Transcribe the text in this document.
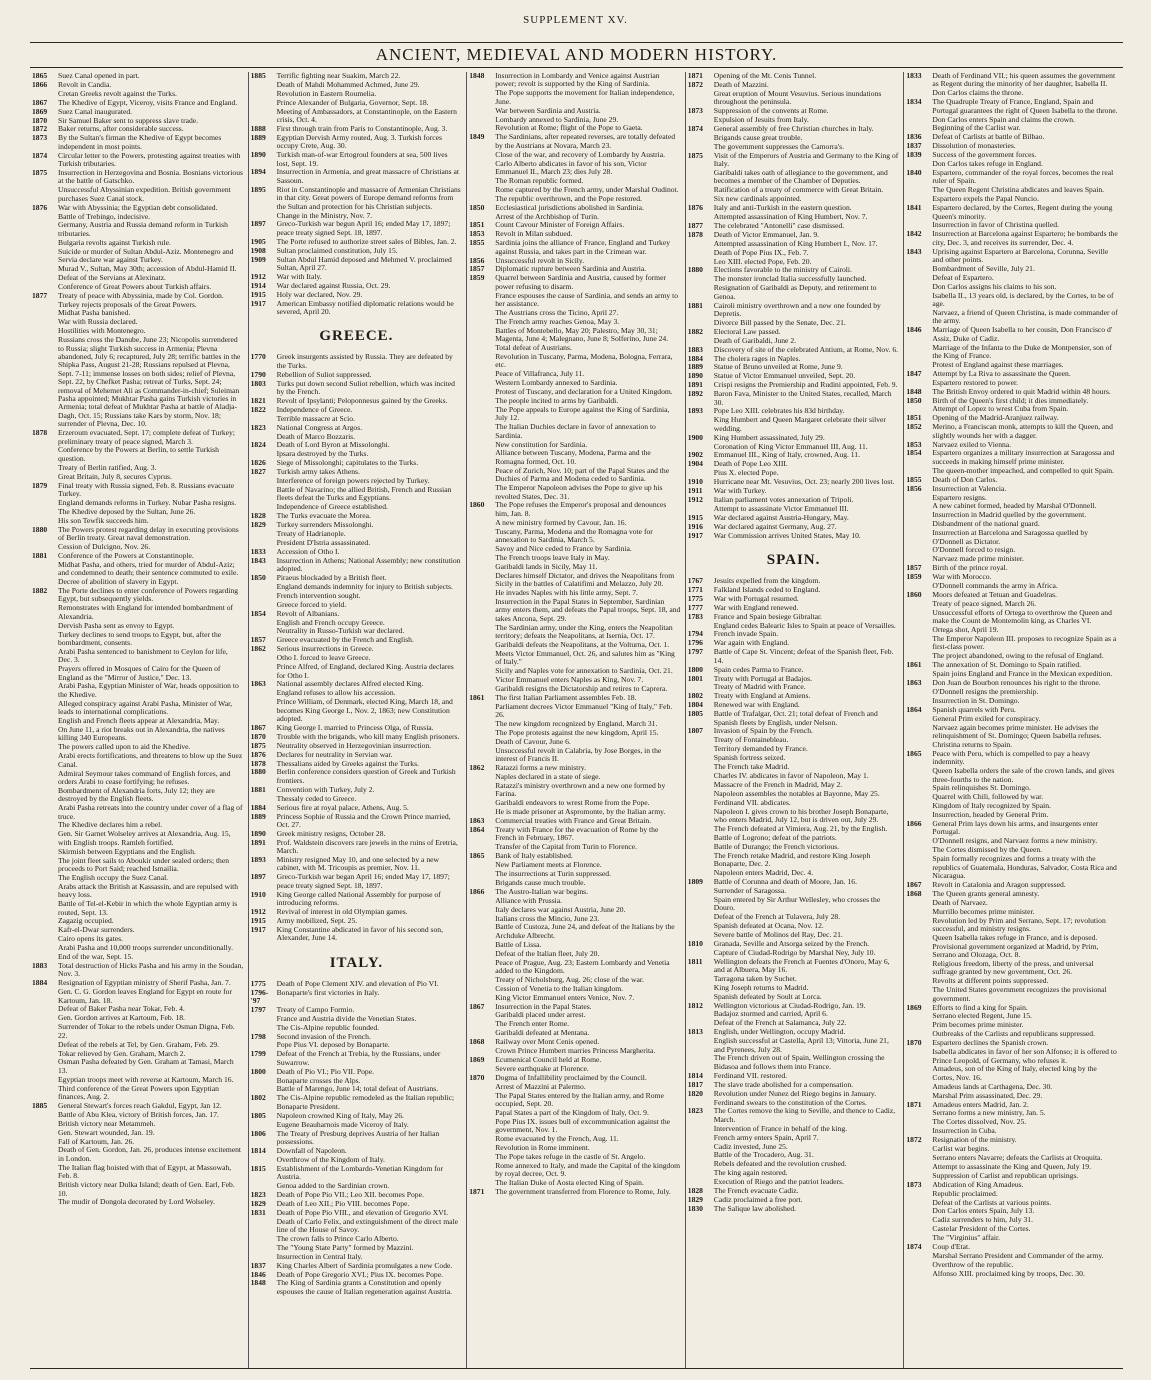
SUPPLEMENT XV.
ANCIENT, MEDIEVAL AND MODERN HISTORY.
1865	Suez Canal opened in part.
1866	Revolt in Candia.
Cretan Greeks revolt against the Turks.
1867	The Khedive of Egypt, Viceroy, visits France and England.
1869	Suez Canal inaugurated.
1870	Sir Samuel Baker sent to suppress slave trade.
1872	Baker returns, after considerable success.
1873	By the Sultan's firman the Khedive of Egypt becomes independent in most points.
1874	Circular letter to the Powers, protesting against treaties with Turkish tributaries.
1875	Insurrection in Herzegovina and Bosnia. Bosnians victorious at the battle of Gatschko.
Unsuccessful Abyssinian expedition. British government purchases Suez Canal stock.
1876	War with Abyssinia; the Egyptian debt consolidated.
Battle of Trebingo, indecisive.
Germany, Austria and Russia demand reform in Turkish tributaries.
Bulgaria revolts against Turkish rule.
Suicide or murder of Sultan Abdul-Aziz. Montenegro and Servia declare war against Turkey.
Murad V., Sultan, May 30th; accession of Abdul-Hamid II.
Defeat of the Servians at Alexinatz.
Conference of Great Powers about Turkish affairs.
1877	Treaty of peace with Abyssinia, made by Col. Gordon.
Turkey rejects proposals of the Great Powers.
Midhat Pasha banished.
War with Russia declared.
Hostilities with Montenegro.
Russians cross the Danube, June 23; Nicopolis surrendered to Russia; slight Turkish success in Armenia; Plevna abandoned, July 6; recaptured, July 28; terrific battles in the Shipka Pass, August 21-28; Russians repulsed at Plevna, Sept. 7-11; immense losses on both sides; relief of Plevna, Sept. 22, by Chefket Pasha; retreat of Turks, Sept. 24; removal of Mehemet Ali as Commander-in-chief; Suleiman Pasha appointed; Mukhtar Pasha gains Turkish victories in Armenia; total defeat of Mukhtar Pasha at battle of Aladja-Dagh, Oct. 15; Russians take Kars by storm, Nov. 18; surrender of Plevna, Dec. 10.
1878	Erzeroum evacuated, Sept. 17; complete defeat of Turkey; preliminary treaty of peace signed, March 3.
Conference by the Powers at Berlin, to settle Turkish question.
Treaty of Berlin ratified, Aug. 3.
Great Britain, July 8, secures Cyprus.
1879	Final treaty with Russia signed, Feb. 8. Russians evacuate Turkey.
England demands reforms in Turkey. Nubar Pasha resigns.
The Khedive deposed by the Sultan, June 26.
His son Tewfik succeeds him.
1880	The Powers protest regarding delay in executing provisions of Berlin treaty. Great naval demonstration.
Cession of Dulcigno, Nov. 26.
1881	Conference of the Powers at Constantinople.
Midhat Pasha, and others, tried for murder of Abdul-Aziz; and condemned to death; their sentence commuted to exile.
Decree of abolition of slavery in Egypt.
1882	The Porte declines to enter conference of Powers regarding Egypt, but subsequently yields.
Remonstrates with England for intended bombardment of Alexandria.
Dervish Pasha sent as envoy to Egypt.
Turkey declines to send troops to Egypt, but, after the bombardment, consents.
Arabi Pasha sentenced to banishment to Ceylon for life, Dec. 3.
Prayers offered in Mosques of Cairo for the Queen of England as the "Mirror of Justice," Dec. 13.
Arabi Pasha, Egyptian Minister of War, heads opposition to the Khedive.
Alleged conspiracy against Arabi Pasha, Minister of War, leads to international complications.
English and French fleets appear at Alexandria, May.
On June 11, a riot breaks out in Alexandria, the natives killing 340 Europeans.
The powers called upon to aid the Khedive.
Arabi erects fortifications, and threatens to blow up the Suez Canal.
Admiral Seymour takes command of English forces, and orders Arabi to cease fortifying; he refuses.
Bombardment of Alexandria forts, July 12; they are destroyed by the English fleets.
Arabi Pasha retreats into the country under cover of a flag of truce.
The Khedive declares him a rebel.
Gen. Sir Garnet Wolseley arrives at Alexandria, Aug. 15, with English troops. Ramleh fortified.
Skirmish between Egyptians and the English.
The joint fleet sails to Aboukir under sealed orders; then proceeds to Port Said; reached Ismailia.
The English occupy the Suez Canal.
Arabs attack the British at Kassassin, and are repulsed with heavy loss.
Battle of Tel-el-Kebir in which the whole Egyptian army is routed, Sept. 13.
Zagazig occupied.
Kafr-el-Dwar surrenders.
Cairo opens its gates.
Arabi Pasha and 10,000 troops surrender unconditionally.
End of the war, Sept. 15.
1883	Total destruction of Hicks Pasha and his army in the Soudan, Nov. 3.
1884	Resignation of Egyptian ministry of Sherif Pasha, Jan. 7.
Gen. C. G. Gordon leaves England for Egypt en route for Kartoum, Jan. 18.
Defeat of Baker Pasha near Tokar, Feb. 4.
Gen. Gordon arrives at Kartoum, Feb. 18.
Surrender of Tokar to the rebels under Osman Digna, Feb. 22.
Defeat of the rebels at Tel, by Gen. Graham, Feb. 29.
Tokar relieved by Gen. Graham, March 2.
Osman Pasha defeated by Gen. Graham at Tamasi, March 13.
Egyptian troops meet with reverse at Kartoum, March 16.
Third conference of the Great Powers upon Egyptian finances, Aug. 2.
1885	General Stewart's forces reach Gakdul, Egypt, Jan 12.
Battle of Abu Klea, victory of British forces, Jan. 17.
British victory near Metammeh.
Gen. Stewart wounded, Jan. 19.
Fall of Kartoum, Jan. 26.
Death of Gen. Gordon, Jan. 26, produces intense excitement in London.
The Italian flag hoisted with that of Egypt, at Massowah, Feb. 8.
British victory near Dulka Island; death of Gen. Earl, Feb. 10.
The mudir of Dongola decorated by Lord Wolseley.
1885	Terrific fighting near Suakim, March 22.
Death of Mahdi Mohammed Achmed, June 29.
Revolution in Eastern Roumelia.
Prince Alexander of Bulgaria, Governor, Sept. 18.
Meeting of Ambassadors, at Constantinople, on the Eastern crisis, Oct. 4.
1888	First through train from Paris to Constantinople, Aug. 3.
1889	Egyptian Dervish Army routed, Aug. 3. Turkish forces occupy Crete, Aug. 30.
1890	Turkish man-of-war Ertogroul founders at sea, 500 lives lost, Sept. 19.
1894	Insurrection in Armenia, and great massacre of Christians at Sassoun.
1895	Riot in Constantinople and massacre of Armenian Christians in that city. Great powers of Europe demand reforms from the Sultan and protection for his Christian subjects.
Change in the Ministry, Nov. 7.
1897	Greco-Turkish war begun April 16; ended May 17, 1897; peace treaty signed Sept. 18, 1897.
1905	The Porte refused to authorize street sales of Bibles, Jan. 2.
1908	Sultan proclaimed constitution, July 15.
1909	Sultan Abdul Hamid deposed and Mehmed V. proclaimed Sultan, April 27.
1912	War with Italy.
1914	War declared against Russia, Oct. 29.
1915	Holy war declared, Nov. 29.
1917	American Embassy notified diplomatic relations would be severed, April 20.
GREECE.
1770	Greek insurgents assisted by Russia. They are defeated by the Turks.
1790	Rebellion of Suliot suppressed.
1803	Turks put down second Suliot rebellion, which was incited by the French.
1821	Revolt of Ipsylanti; Peloponnesus gained by the Greeks.
1822	Independence of Greece.
Terrible massacre at Scio.
1823	National Congress at Argos.
Death of Marco Bozzaris.
1824	Death of Lord Byron at Missolonghi.
Ipsara destroyed by the Turks.
1826	Siege of Missolonghi; capitulates to the Turks.
1827	Turkish army takes Athens.
Interference of foreign powers rejected by Turkey.
Battle of Navarino; the allied British, French and Russian fleets defeat the Turks and Egyptians.
Independence of Greece established.
1828	The Turks evacuate the Morea.
1829	Turkey surrenders Missolonghi.
Treaty of Hadrianople.
President D'Istria assassinated.
1833	Accession of Otho I.
1843	Insurrection in Athens; National Assembly; new constitution adopted.
1850	Piraeus blockaded by a British fleet.
England demands indemnity for injury to British subjects.
French intervention sought.
Greece forced to yield.
1854	Revolt of Albanians.
English and French occupy Greece.
Neutrality in Russo-Turkish war declared.
1857	Greece evacuated by the French and English.
1862	Serious insurrections in Greece.
Otho I. forced to leave Greece.
Prince Alfred, of England, declared King. Austria declares for Otho I.
1863	National assembly declares Alfred elected King.
England refuses to allow his accession.
Prince William, of Denmark, elected King, March 18, and becomes King George I., Nov. 2, 1863; new Constitution adopted.
1867	King George I. married to Princess Olga, of Russia.
1870	Trouble with the brigands, who kill many English prisoners.
1875	Neutrality observed in Herzegovinian insurrection.
1876	Declares for neutrality in Servian war.
1878	Thessalians aided by Greeks against the Turks.
1880	Berlin conference considers question of Greek and Turkish frontiers.
1881	Convention with Turkey, July 2.
Thessaly ceded to Greece.
1884	Serious fire at royal palace, Athens, Aug. 5.
1889	Princess Sophie of Russia and the Crown Prince married, Oct. 27.
1890	Greek ministry resigns, October 28.
1891	Prof. Waldstein discovers rare jewels in the ruins of Eretria, March.
1893	Ministry resigned May 10, and one selected by a new cabinet, with M. Tricoupis as premier, Nov. 11.
1897	Greco-Turkish war began April 16; ended May 17, 1897; peace treaty signed Sept. 18, 1897.
1910	King George called National Assembly for purpose of introducing reforms.
1912	Revival of interest in old Olympian games.
1915	Army mobilized, Sept. 25.
1917	King Constantine abdicated in favor of his second son, Alexander, June 14.
ITALY.
1775	Death of Pope Clement XIV. and elevation of Pio VI.
1796-'97
Bonaparte's first victories in Italy.
1797	Treaty of Campo Formio.
France and Austria divide the Venetian States.
The Cis-Alpine republic founded.
1798	Second invasion of the French.
Pope Pius VI. deposed by Bonaparte.
1799	Defeat of the French at Trebia, by the Russians, under Suwarrow.
1800	Death of Pio VI.; Pio VII. Pope.
Bonaparte crosses the Alps.
Battle of Marengo, June 14; total defeat of Austrians.
1802	The Cis-Alpine republic remodeled as the Italian republic; Bonaparte President.
1805	Napoleon crowned King of Italy, May 26.
Eugene Beauharnois made Viceroy of Italy.
1806	The Treaty of Presburg deprives Austria of her Italian possessions.
1814	Downfall of Napoleon.
Overthrow of the Kingdom of Italy.
1815	Establishment of the Lombardo-Venetian Kingdom for Austria.
Genoa added to the Sardinian crown.
1823	Death of Pope Pio VII.; Leo XII. becomes Pope.
1829	Death of Leo XII.; Pio VIII. becomes Pope.
1831	Death of Pope Pio VIII., and elevation of Gregorio XVI.
Death of Carlo Felix, and extinguishment of the direct male line of the House of Savoy.
The crown falls to Prince Carlo Alberto.
The "Young State Party" formed by Mazzini.
Insurrection in Central Italy.
1837	King Charles Albert of Sardinia promulgates a new Code.
1846	Death of Pope Gregorio XVI.; Pius IX. becomes Pope.
1848	The King of Sardinia grants a Constitution and openly espouses the cause of Italian regeneration against Austria.
1848	Insurrection in Lombardy and Venice against Austrian power; revolt is supported by the King of Sardinia.
The Pope supports the movement for Italian independence, June.
War between Sardinia and Austria.
Lombardy annexed to Sardinia, June 29.
Revolution at Rome; flight of the Pope to Gaeta.
1849	The Sardinians, after repeated reverses, are totally defeated by the Austrians at Novara, March 23.
Close of the war, and recovery of Lombardy by Austria.
Carlo Alberto abdicates in favor of his son, Victor Emmanuel II., March 23; dies July 28.
The Roman republic formed.
Rome captured by the French army, under Marshal Oudinot.
The republic overthrown, and the Pope restored.
1850	Ecclesiastical jurisdictions abolished in Sardinia.
Arrest of the Archbishop of Turin.
1851	Count Cavour Minister of Foreign Affairs.
1853	Revolt in Milan subdued.
1855	Sardinia joins the alliance of France, England and Turkey against Russia, and takes part in the Crimean war.
1856	Unsuccessful revolt in Sicily.
1857	Diplomatic rupture between Sardinia and Austria.
1859	Quarrel between Sardinia and Austria, caused by former power refusing to disarm.
France espouses the cause of Sardinia, and sends an army to her assistance.
The Austrians cross the Ticino, April 27.
The French army reaches Genoa, May 3.
Battles of Montebello, May 20; Palestro, May 30, 31; Magenta, June 4; Malegnano, June 8; Solferino, June 24.
Total defeat of Austrians.
Revolution in Tuscany, Parma, Modena, Bologna, Ferrara, etc.
Peace of Villafranca, July 11.
Western Lombardy annexed to Sardinia.
Protest of Tuscany, and declaration for a United Kingdom.
The people incited to arms by Garibaldi.
The Pope appeals to Europe against the King of Sardinia, July 12.
The Italian Duchies declare in favor of annexation to Sardinia.
New constitution for Sardinia.
Alliance between Tuscany, Modena, Parma and the Romagna formed, Oct. 10.
Peace of Zurich, Nov. 10; part of the Papal States and the Duchies of Parma and Modena ceded to Sardinia.
The Emperor Napoleon advises the Pope to give up his revolted States, Dec. 31.
1860	The Pope refuses the Emperor's proposal and denounces him, Jan. 8.
A new ministry formed by Cavour, Jan. 16.
Tuscany, Parma, Modena and the Romagna vote for annexation to Sardinia, March 5.
Savoy and Nice ceded to France by Sardinia.
The French troops leave Italy in May.
Garibaldi lands in Sicily, May 11.
Declares himself Dictator, and drives the Neapolitans from Sicily in the battles of Calatifimi and Melazzo, July 20.
He invades Naples with his little army, Sept. 7.
Insurrection in the Papal States in September, Sardinian army enters them, and defeats the Papal troops, Sept. 18, and takes Ancona, Sept. 29.
The Sardinian army, under the King, enters the Neapolitan territory; defeats the Neapolitans, at Isernia, Oct. 17.
Garibaldi defeats the Neapolitans, at the Volturna, Oct. 1.
Meets Victor Emmanuel, Oct. 26, and salutes him as "King of Italy."
Sicily and Naples vote for annexation to Sardinia, Oct. 21.
Victor Emmanuel enters Naples as King, Nov. 7.
Garibaldi resigns the Dictatorship and retires to Caprera.
1861	The first Italian Parliament assembles Feb. 18.
Parliament decrees Victor Emmanuel "King of Italy," Feb. 26.
The new kingdom recognized by England, March 31.
The Pope protests against the new kingdom, April 15.
Death of Cavour, June 6.
Unsuccessful revolt in Calabria, by Jose Borges, in the interest of Francis II.
1862	Ratazzi forms a new ministry.
Naples declared in a state of siege.
Ratazzi's ministry overthrown and a new one formed by Farina.
Garibaldi endeavors to wrest Rome from the Pope.
He is made prisoner at Aspromonte, by the Italian army.
1863	Commercial treaties with France and Great Britain.
1864	Treaty with France for the evacuation of Rome by the French in February, 1867.
Transfer of the Capital from Turin to Florence.
1865	Bank of Italy established.
New Parliament meets at Florence.
The insurrections at Turin suppressed.
Brigands cause much trouble.
1866	The Austro-Italian war begins.
Alliance with Prussia.
Italy declares war against Austria, June 20.
Italians cross the Mincio, June 23.
Battle of Custoza, June 24, and defeat of the Italians by the Archduke Albrecht.
Battle of Lissa.
Defeat of the Italian fleet, July 20.
Peace of Prague, Aug. 23; Eastern Lombardy and Venetia added to the Kingdom.
Treaty of Nicholsburg, Aug. 26; close of the war.
Cession of Venetia to the Italian kingdom.
King Victor Emmanuel enters Venice, Nov. 7.
1867	Insurrection in the Papal States.
Garibaldi placed under arrest.
The French enter Rome.
Garibaldi defeated at Mentana.
1868	Railway over Mont Cenis opened.
Crown Prince Humbert marries Princess Margherita.
1869	Ecumenical Council held at Rome.
Severe earthquake at Florence.
1870	Dogma of Infallibility proclaimed by the Council.
Arrest of Mazzini at Palermo.
The Papal States entered by the Italian army, and Rome occupied, Sept. 20.
Papal States a part of the Kingdom of Italy, Oct. 9.
Pope Pius IX. issues bull of excommunication against the government, Nov. 1.
Rome evacuated by the French, Aug. 11.
Revolution in Rome imminent.
The Pope takes refuge in the castle of St. Angelo.
Rome annexed to Italy, and made the Capital of the kingdom by royal decree, Oct. 9.
The Italian Duke of Aosta elected King of Spain.
1871	The government transferred from Florence to Rome, July.
1871	Opening of the Mt. Cenis Tunnel.
1872	Death of Mazzini.
Great eruption of Mount Vesuvius. Serious inundations throughout the peninsula.
1873	Suppression of the convents at Rome.
Expulsion of Jesuits from Italy.
1874	General assembly of free Christian churches in Italy.
Brigands cause great trouble.
The government suppresses the Camorra's.
1875	Visit of the Emperors of Austria and Germany to the King of Italy.
Garibaldi takes oath of allegiance to the government, and becomes a member of the Chamber of Deputies.
Ratification of a treaty of commerce with Great Britain.
Six new cardinals appointed.
1876	Italy and anti-Turkish in the eastern question.
Attempted assassination of King Humbert, Nov. 7.
1877	The celebrated "Antonelli" case dismissed.
1878	Death of Victor Emmanuel, Jan. 9.
Attempted assassination of King Humbert I., Nov. 17.
Death of Pope Pius IX., Feb. 7.
Leo XIII. elected Pope, Feb. 20.
1880	Elections favorable to the ministry of Cairoli.
The monster ironclad Italia successfully launched.
Resignation of Garibaldi as Deputy, and retirement to Genoa.
1881	Cairoli ministry overthrown and a new one founded by Depretis.
Divorce Bill passed by the Senate, Dec. 21.
1882	Electoral Law passed.
Death of Garibaldi, June 2.
1883	Discovery of site of the celebrated Antium, at Rome, Nov. 6.
1884	The cholera rages in Naples.
1889	Statue of Bruno unveiled at Rome, June 9.
1890	Statue of Victor Emmanuel unveiled, Sept. 20.
1891	Crispi resigns the Premiership and Rudini appointed, Feb. 9.
1892	Baron Fava, Minister to the United States, recalled, March 30.
1893	Pope Leo XIII. celebrates his 83d birthday.
King Humbert and Queen Margaret celebrate their silver wedding.
1900	King Humbert assassinated, July 29.
Coronation of King Victor Emmanuel III, Aug. 11.
1902	Emmanuel III., King of Italy, crowned, Aug. 11.
1904	Death of Pope Leo XIII.
Pius X. elected Pope.
1910	Hurricane near Mt. Vesuvius, Oct. 23; nearly 200 lives lost.
1911	War with Turkey.
1912	Italian parliament votes annexation of Tripoli.
Attempt to assassinate Victor Emmanuel III.
1915	War declared against Austria-Hungary, May.
1916	War declared against Germany, Aug. 27.
1917	War Commission arrives United States, May 10.
SPAIN.
1767	Jesuits expelled from the kingdom.
1771	Falkland Islands ceded to England.
1775	War with Portugal resumed.
1777	War with England renewed.
1783	France and Spain besiege Gibraltar.
England cedes Balearic Isles to Spain at peace of Versailles.
1794	French invade Spain.
1796	War again with England.
1797	Battle of Cape St. Vincent; defeat of the Spanish fleet, Feb. 14.
1800	Spain cedes Parma to France.
1801	Treaty with Portugal at Badajos.
Treaty of Madrid with France.
1802	Treaty with England at Amiens.
1804	Renewed war with England.
1805	Battle of Trafalgar, Oct. 21; total defeat of French and Spanish fleets by English, under Nelson.
1807	Invasion of Spain by the French.
Treaty of Fontainebleau.
Territory demanded by France.
Spanish fortress seized.
The French take Madrid.
Charles IV. abdicates in favor of Napoleon, May 1.
Massacre of the French in Madrid, May 2.
Napoleon assembles the notables at Bayonne, May 25.
Ferdinand VII. abdicates.
Napoleon I. gives crown to his brother Joseph Bonaparte, who enters Madrid, July 12, but is driven out, July 29.
The French defeated at Vimiera, Aug. 21, by the English.
Battle of Logrono; defeat of the patriots.
Battle of Durango; the French victorious.
The French retake Madrid, and restore King Joseph Bonaparte, Dec. 2.
Napoleon enters Madrid, Dec. 4.
1809	Battle of Corunna and death of Moore, Jan. 16.
Surrender of Saragossa.
Spain entered by Sir Arthur Wellesley, who crosses the Douro.
Defeat of the French at Tulavera, July 28.
Spanish defeated at Ocana, Nov. 12.
Severe battle of Molinos del Ray, Dec. 21.
1810	Granada, Seville and Atsorga seized by the French.
Capture of Ciudad-Rodrigo by Marshal Ney, July 10.
1811	Wellington defeats the French at Fuentes d'Onoro, May 6, and at Albuera, May 16.
Tarragona taken by Suchet.
King Joseph returns to Madrid.
Spanish defeated by Soult at Lorca.
1812	Wellington victorious at Ciudad-Rodrigo, Jan. 19.
Badajoz stormed and carried, April 6.
Defeat of the French at Salamanca, July 22.
1813	English, under Wellington, occupy Madrid.
English successful at Castella, April 13; Vittoria, June 21, and Pyrenees, July 28.
The French driven out of Spain, Wellington crossing the Bidasoa and follows them into France.
1814	Ferdinand VII. restored.
1817	The slave trade abolished for a compensation.
1820	Revolution under Nunez del Riego begins in January.
Ferdinand swears to the constitution of the Cortes.
1823	The Cortes remove the king to Seville, and thence to Cadiz, March.
Intervention of France in behalf of the king.
French army enters Spain, April 7.
Cadiz invested, June 25.
Battle of the Trocadero, Aug. 31.
Rebels defeated and the revolution crushed.
The king again restored.
Execution of Riego and the patriot leaders.
1828	The French evacuate Cadiz.
1829	Cadiz proclaimed a free port.
1830	The Salique law abolished.
1833	Death of Ferdinand VII.; his queen assumes the government as Regent during the minority of her daughter, Isabella II.
Don Carlos claims the throne.
1834	The Quadruple Treaty of France, England, Spain and Portugal guarantees the right of Queen Isabella to the throne.
Don Carlos enters Spain and claims the crown.
Beginning of the Carlist war.
1836	Defeat of Carlists at battle of Bilbao.
1837	Dissolution of monasteries.
1839	Success of the government forces.
Don Carlos takes refuge in England.
1840	Espartero, commander of the royal forces, becomes the real ruler of Spain.
The Queen Regent Christina abdicates and leaves Spain.
Espartero expels the Papal Nuncio.
1841	Espartero declared, by the Cortes, Regent during the young Queen's minority.
Insurrection in favor of Christina quelled.
1842	Insurrection at Barcelona against Espartero; he bombards the city, Dec. 3, and receives its surrender, Dec. 4.
1843	Uprising against Espartero at Barcelona, Corunna, Seville and other points.
Bombardment of Seville, July 21.
Defeat of Espartero.
Don Carlos assigns his claims to his son.
Isabella II., 13 years old, is declared, by the Cortes, to be of age.
Narvaez, a friend of Queen Christina, is made commander of the army.
1846	Marriage of Queen Isabella to her cousin, Don Francisco d' Assiz, Duke of Cadiz.
Marriage of the Infanta to the Duke de Montpensier, son of the King of France.
Protest of England against these marriages.
1847	Attempt by La Riva to assassinate the Queen.
Espartero restored to power.
1848	The British Envoy ordered to quit Madrid within 48 hours.
1850	Birth of the Queen's first child; it dies immediately.
Attempt of Lopez to wrest Cuba from Spain.
1851	Opening of the Madrid-Aranjuez railway.
1852	Merino, a Franciscan monk, attempts to kill the Queen, and slightly wounds her with a dagger.
1853	Narvaez exiled to Vienna.
1854	Espartero organizes a military insurrection at Saragossa and succeeds in making himself prime minister.
The queen-mother impeached, and compelled to quit Spain.
1855	Death of Don Carlos.
1856	Insurrection at Valencia.
Espartero resigns.
A new cabinet formed, headed by Marshal O'Donnell.
Insurrection in Madrid quelled by the government.
Disbandment of the national guard.
Insurrection at Barcelona and Saragossa quelled by O'Donnell as Dictator.
O'Donnell forced to resign.
Narvaez made prime minister.
1857	Birth of the prince royal.
1859	War with Morocco.
O'Donnell commands the army in Africa.
1860	Moors defeated at Tetuan and Guadelras.
Treaty of peace signed, March 26.
Unsuccessful efforts of Ortega to overthrow the Queen and make the Count de Montemolin king, as Charles VI.
Ortega shot, April 19.
The Emperor Napoleon III. proposes to recognize Spain as a first-class power.
The project abandoned, owing to the refusal of England.
1861	The annexation of St. Domingo to Spain ratified.
Spain joins England and France in the Mexican expedition.
1863	Don Juan de Bourbon renounces his right to the throne.
O'Donnell resigns the premiership.
Insurrection in St. Domingo.
1864	Spanish quarrels with Peru.
General Prim exiled for conspiracy.
Narvaez again becomes prime minister. He advises the relinquishment of St. Domingo; Queen Isabella refuses.
Christina returns to Spain.
1865	Peace with Peru, which is compelled to pay a heavy indemnity.
Queen Isabella orders the sale of the crown lands, and gives three-fourths to the nation.
Spain relinquishes St. Domingo.
Quarrel with Chili, followed by war.
Kingdom of Italy recognized by Spain.
Insurrection, headed by General Prim.
1866	General Prim lays down his arms, and insurgents enter Portugal.
O'Donnell resigns, and Narvaez forms a new ministry.
The Cortes dismissed by the Queen.
Spain formally recognizes and forms a treaty with the republics of Guatemala, Honduras, Salvador, Costa Rica and Nicaragua.
1867	Revolt in Catalonia and Aragon suppressed.
1868	The Queen grants general amnesty.
Death of Narvaez.
Murrillo becomes prime minister.
Revolution led by Prim and Serrano, Sept. 17; revolution successful, and ministry resigns.
Queen Isabella takes refuge in France, and is deposed.
Provisional government organized at Madrid, by Prim, Serrano and Olozaga, Oct. 8.
Religious freedom, liberty of the press, and universal suffrage granted by new government, Oct. 26.
Revolts at different points suppressed.
The United States government recognizes the provisional government.
1869	Efforts to find a king for Spain.
Serrano elected Regent, June 15.
Prim becomes prime minister.
Outbreaks of the Carlists and republicans suppressed.
1870	Espartero declines the Spanish crown.
Isabella abdicates in favor of her son Alfonso; it is offered to Prince Leopold, of Germany, who refuses it.
Amadeus, son of the King of Italy, elected king by the Cortes, Nov. 16.
Amadeus lands at Carthagena, Dec. 30.
Marshal Prim assassinated, Dec. 29.
1871	Amadeus enters Madrid, Jan. 2.
Serrano forms a new ministry, Jan. 5.
The Cortes dissolved, Nov. 25.
Insurrection in Cuba.
1872	Resignation of the ministry.
Carlist war begins.
Serrano enters Navarre; defeats the Carlists at Oroquita.
Attempt to assassinate the King and Queen, July 19.
Suppression of Carlist and republican uprisings.
1873	Abdication of King Amadeus.
Republic proclaimed.
Defeat of the Carlists at various points.
Don Carlos enters Spain, July 13.
Cadiz surrenders to him, July 31.
Castelar President of the Cortes.
The "Virginius" affair.
1874	Coup d'Etat.
Marshal Serrano President and Commander of the army.
Overthrow of the republic.
Alfonso XIII. proclaimed king by troops, Dec. 30.
